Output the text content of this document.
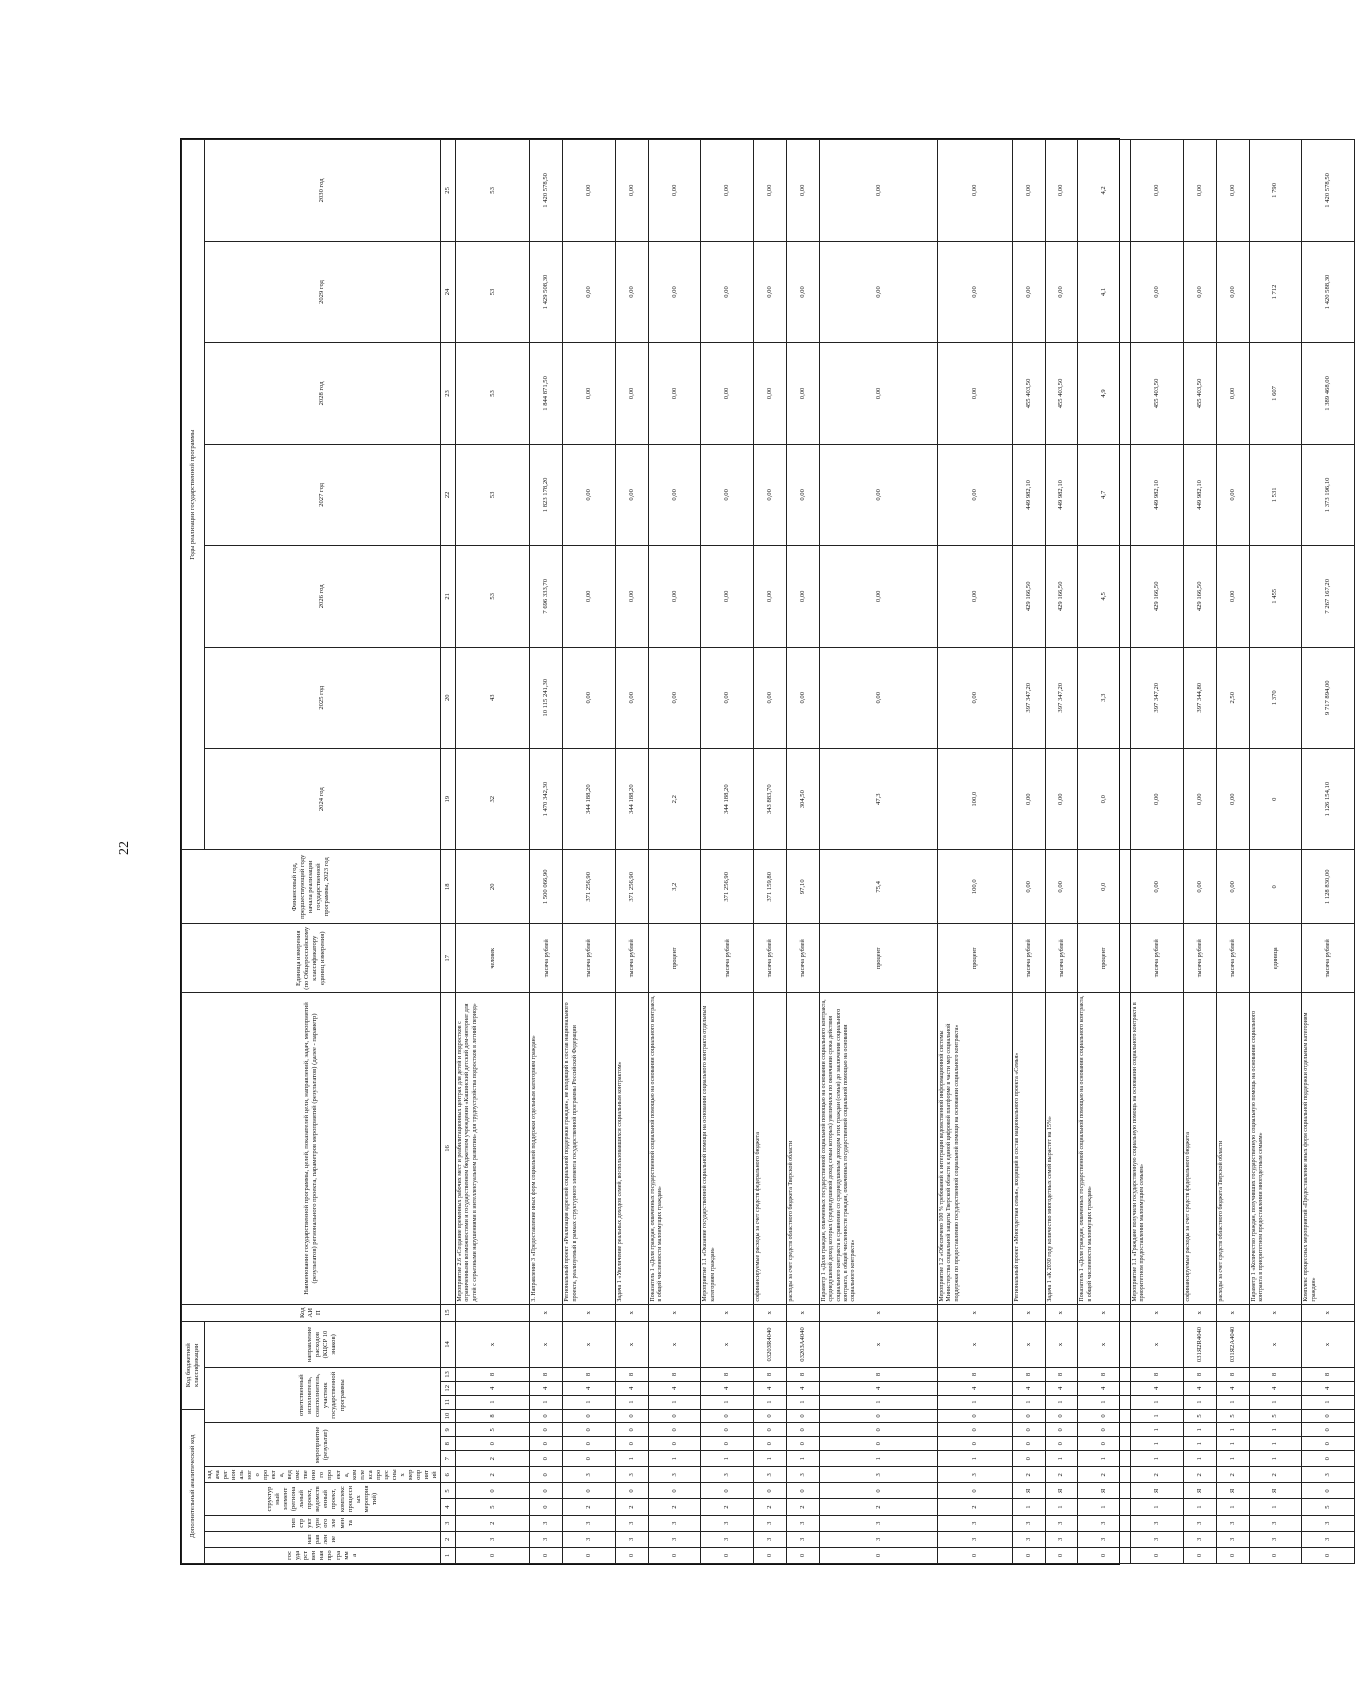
22
Дополнительный аналитический код										Код бюджетной классификации				Код АИП	Наименование государственной программы, целей, показателей цели, направлений, задач, мероприятий (результатов) регионального проекта, параметров мероприятий (результатов) (далее - параметр)	Единица измерения (по Общероссийскому классификатору единиц измерения)	Финансовый год, предшествующий году начала реализации государственной программы, 2023 год	Годы реализации государственной программы						
государственная программа	направление	тип структурного элемента	структурный элемент (региональный проект, ведомственный проект, комплекс процессных мероприятий)		задача регионального проекта, ведомственного проекта, комплекса процессных мероприятий	мероприятие (результат)			ответственный исполнитель, соисполнитель, участник государственной программы				направление расходов (КЦСР 10 знаков)					2024 год	2025 год	2026 год	2027 год	2028 год	2029 год	2030 год

1	2	3	4	5	6	7	8	9	10	11	12	13	14	15	16	17	18	19	20	21	22	23	24	25
0	3	2	5	0	2	2	0	5	8	1	4	8	х		Мероприятие 2.6 «Создание временных рабочих мест и реабилитационных центрах для детей и подростков с ограниченными возможностями и государственном бюджетном учреждении «Кашинский детский дом-интернат для детей с серьезными нарушениями в интеллектуальном развитии» для трудоустройства подростков в летний период»	человек	20	32	43	53	53	53	53	53
0	3	3	0	0	0	0	0	0	0	1	4	8	х	х	3. Направление 3 «Предоставление иных форм социальной поддержки отдельным категориям граждан»	тысяча рублей	1 500 066,90	1 470 342,30	10 115 241,30	7 696 333,70	1 823 178,20	1 844 871,50	1 429 508,30	1 420 578,50
0	3	3	2	0	3	0	0	0	0	1	4	8	х	х	Региональный проект «Реализация адресной социальной поддержки граждан», не входящий в состав национального проекта, реализуемый в рамках структурного элемента государственной программы Российской Федерации	тысяча рублей	371 256,90	344 188,20	0,00	0,00	0,00	0,00	0,00	0,00
0	3	3	2	0	3	1	0	0	0	1	4	8	х	х	Задача 1 «Увеличение реальных доходов семей, воспользовавшихся социальным контрактом»	тысяча рублей	371 256,90	344 188,20	0,00	0,00	0,00	0,00	0,00	0,00
0	3	3	2	0	3	1	0	0	0	1	4	8	х	х	Показатель 1 «Доля граждан, охваченных государственной социальной помощью на основании социального контракта, в общей численности малоимущих граждан»	процент	3,2	2,2	0,00	0,00	0,00	0,00	0,00	0,00
0	3	3	2	0	3	1	0	0	0	1	4	8	х	х	Мероприятие 1.1 «Оказание государственной социальной помощи на основании социального контракта отдельным категориям граждан»	тысяча рублей	371 256,90	344 188,20	0,00	0,00	0,00	0,00	0,00	0,00
0	3	3	2	0	3	1	0	0	0	1	4	8	0320ЗR4040	х	софинансируемые расходы за счет средств федерального бюджета	тысяча рублей	371 159,80	343 883,70	0,00	0,00	0,00	0,00	0,00	0,00
0	3	3	2	0	3	1	0	0	0	1	4	8	0320ЗА4040	х	расходы за счет средств областного бюджета Тверской области	тысяча рублей	97,10	304,50	0,00	0,00	0,00	0,00	0,00	0,00
0	3	3	2	0	3	1	0	0	0	1	4	8	х	х	Параметр 1 «Доля граждан, охваченных государственной социальной помощью на основании социального контракта, среднедушевой доход которых (среднедушевой доход семьи которых) увеличился по окончании срока действия социального контракта в сравнении со среднедушевым доходом этих граждан (семьи) до заключения социального контракта, в общей численности граждан, охваченных государственной социальной помощью на основании социального контракта»	процент	75,4	47,3	0,00	0,00	0,00	0,00	0,00	0,00
0	3	3	2	0	3	1	0	0	0	1	4	8	х	х	Мероприятие 1.2 «Обеспечено 100 % требований к интеграции ведомственной информационной системы Министерства социальной защиты Тверской области к единой цифровой платформе в части мер социальной поддержки по предоставлению государственной социальной помощи на основании социального контракта»	процент	100,0	100,0	0,00	0,00	0,00	0,00	0,00	0,00
0	3	3	1	Я	2	0	0	0	0	1	4	8	х	х	Региональный проект «Многодетная семья», входящий в состав национального проекта «Семья»	тысяча рублей	0,00	0,00	397 347,20	429 166,50	449 982,10	455 403,50	0,00	0,00
0	3	3	1	Я	2	1	0	0	0	1	4	8	х	х	Задача 1 «К 2030 году количество многодетных семей вырастет на 15%»	тысяча рублей	0,00	0,00	397 347,20	429 166,50	449 982,10	455 403,50	0,00	0,00
0	3	3	1	Я	2	1	0	0	0	1	4	8	х	х	Показатель 1 «Доля граждан, охваченных государственной социальной помощью на основании социального контракта, в общей численности малоимущих граждан»	процент	0,0	0,0	3,3	4,5	4,7	4,9	4,1	4,2
0	3	3	1	Я	2	1	1	1	1	1	4	8	х	х	Мероприятие 1.1 «Граждане получили государственную социальную помощь на основании социального контракта в приоритетном предоставлении малоимущим семьям»	тысяча рублей	0,00	0,00	397 347,20	429 166,50	449 982,10	455 403,50	0,00	0,00
0	3	3	1	Я	2	1	1	1	5	1	4	8	031Я2R4040	х	софинансируемые расходы за счет средств федерального бюджета	тысяча рублей	0,00	0,00	397 344,80	429 166,50	449 982,10	455 403,50	0,00	0,00
0	3	3	1	Я	2	1	1	1	5	1	4	8	031Я2А4040	х	расходы за счет средств областного бюджета Тверской области	тысяча рублей	0,00	0,00	2,50	0,00	0,00	0,00	0,00	0,00
0	3	3	1	Я	2	1	1	1	5	1	4	8	х	х	Параметр 1 «Количество граждан, получивших государственную социальную помощь на основании социального контракта в приоритетном предоставлении многодетным семьям»	единица	0	0	1 370	1 455	1 531	1 607	1 712	1 790
0	3	3	5	0	3	0	0	0	0	1	4	8	х	х	Комплекс процессных мероприятий «Предоставление иных форм социальной поддержки отдельным категориям граждан»	тысяча рублей	1 128 830,00	1 126 154,10	9 717 894,00	7 267 167,20	1 373 196,10	1 389 468,00	1 420 588,30	1 420 578,50
